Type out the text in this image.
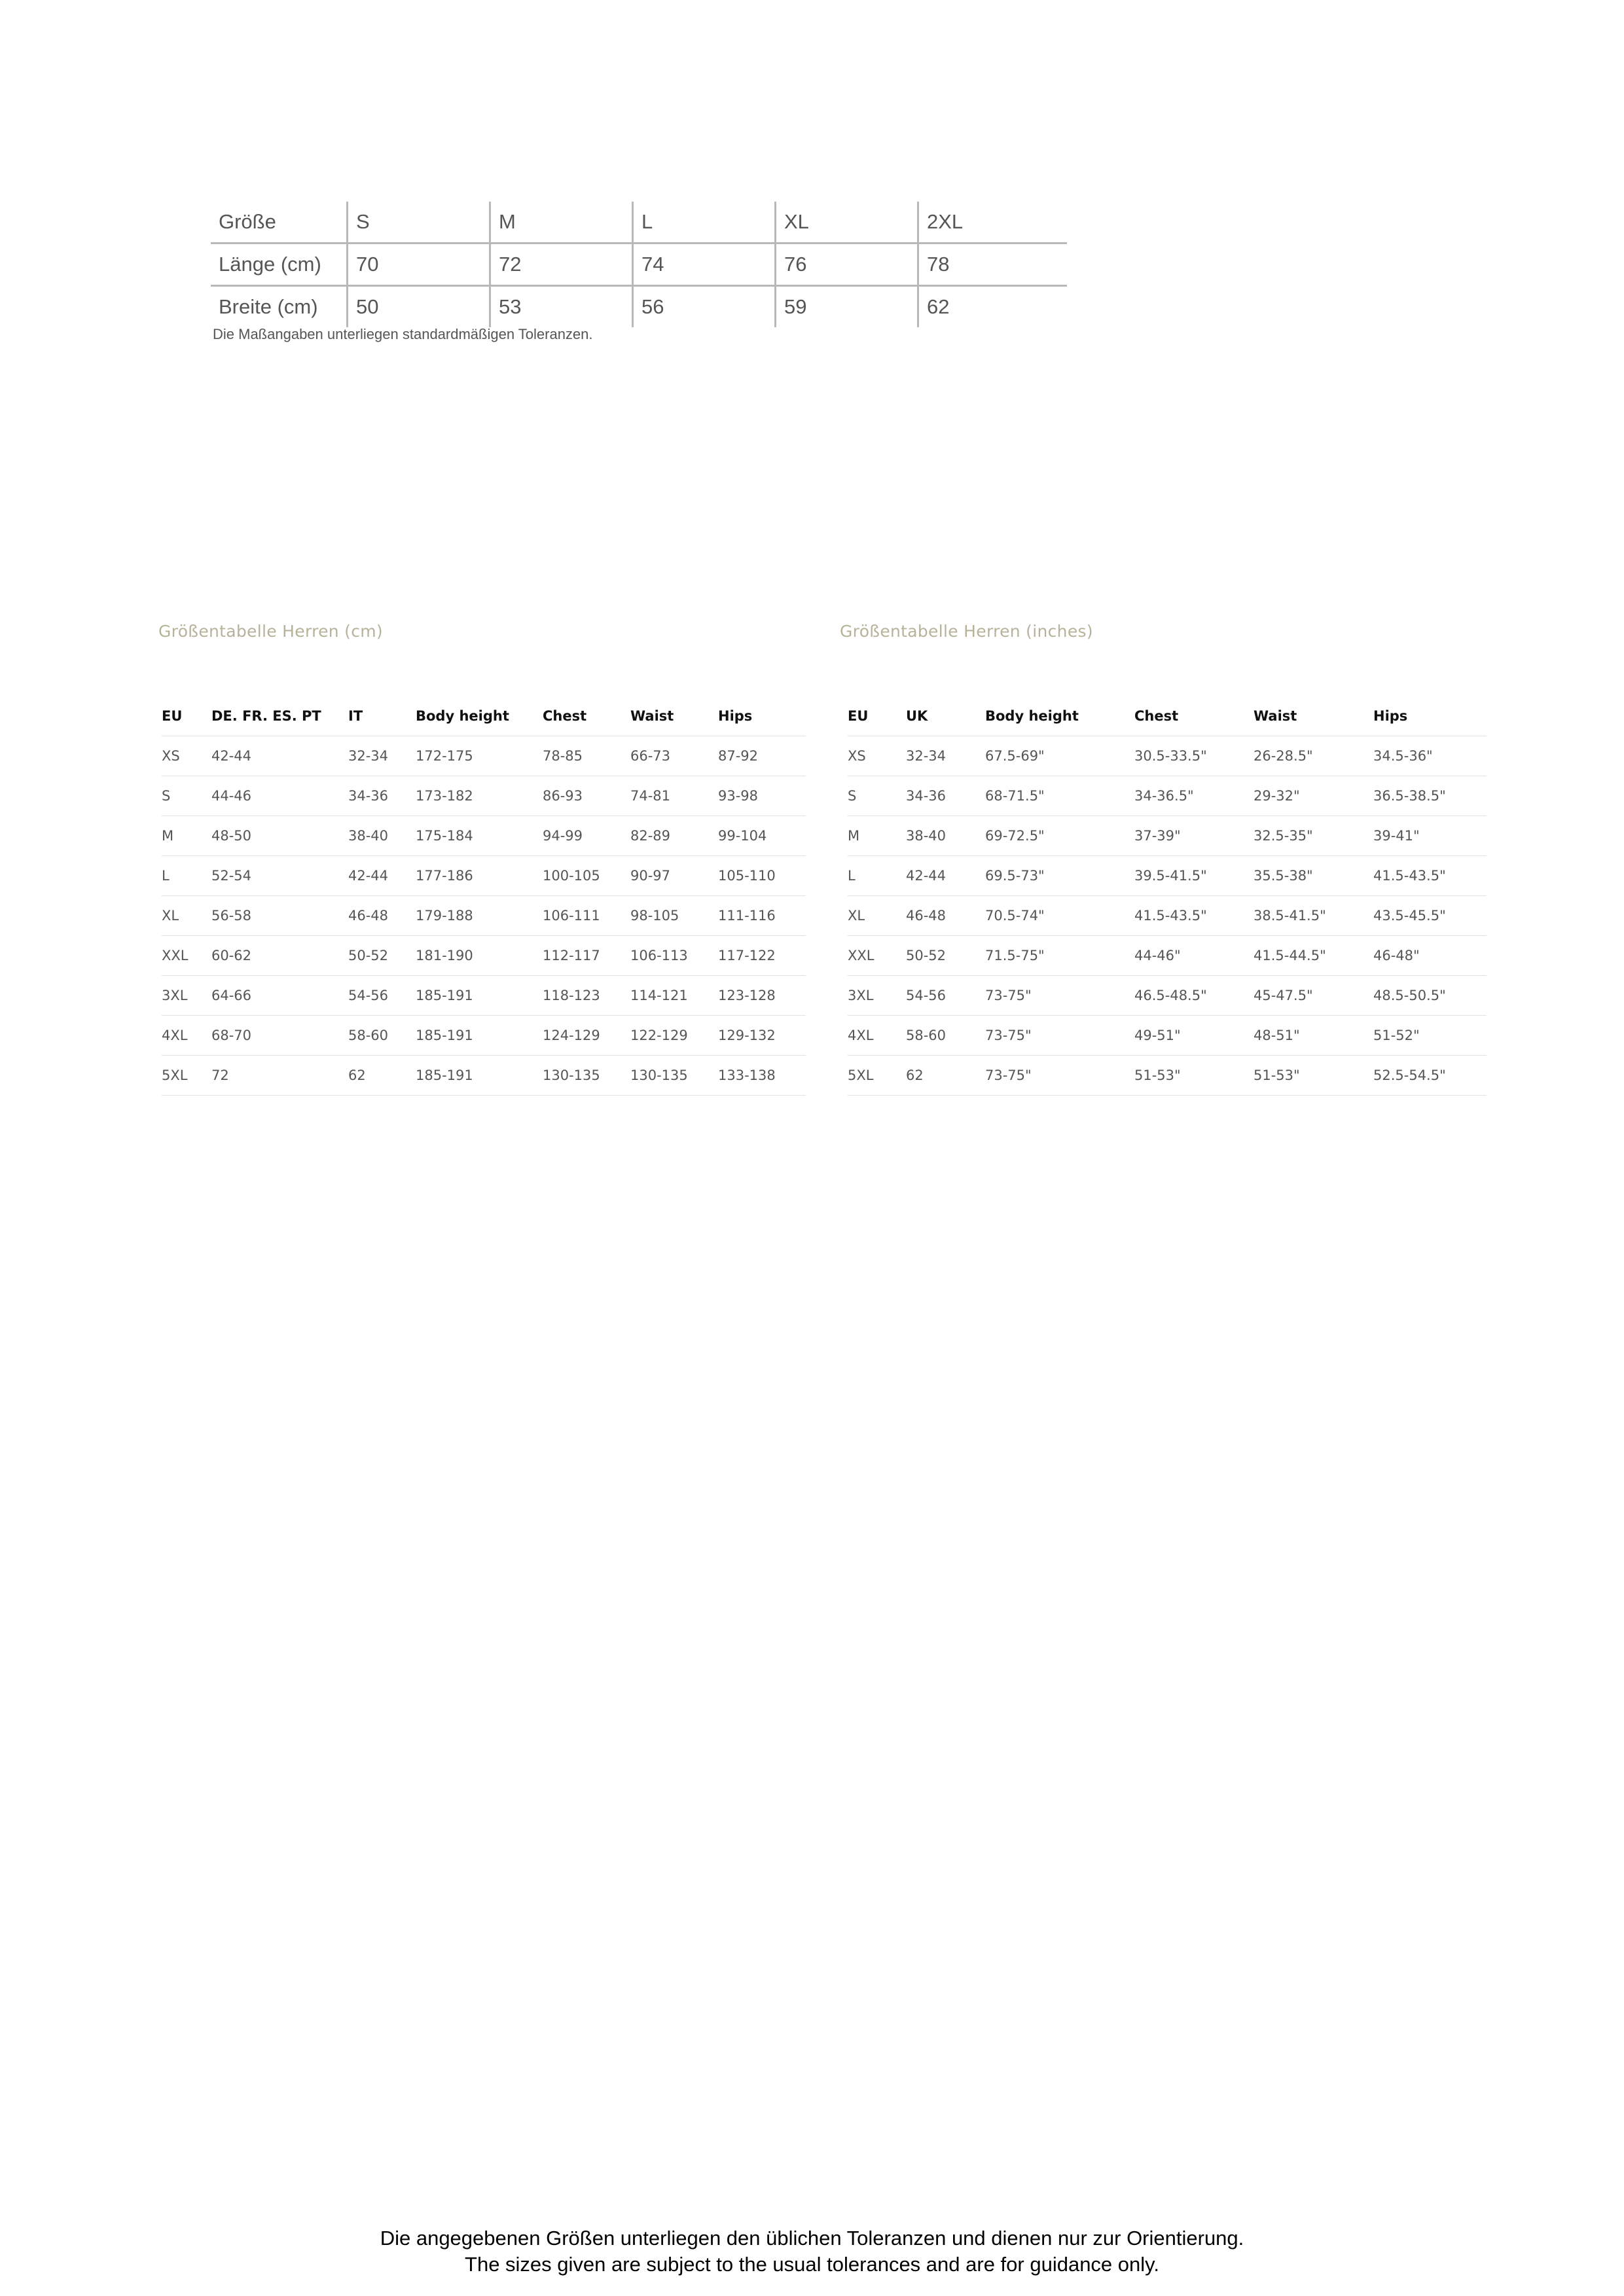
Größe	S	M	L	XL	2XL
Länge (cm)	70	72	74	76	78
Breite (cm)	50	53	56	59	62
Die Maßangaben unterliegen standardmäßigen Toleranzen.
Größentabelle Herren (cm)	Größentabelle Herren (inches)
EU	DE. FR. ES. PT	IT	Body height	Chest	Waist	Hips
XS	42-44	32-34	172-175	78-85	66-73	87-92
S	44-46	34-36	173-182	86-93	74-81	93-98
M	48-50	38-40	175-184	94-99	82-89	99-104
L	52-54	42-44	177-186	100-105	90-97	105-110
XL	56-58	46-48	179-188	106-111	98-105	111-116
XXL	60-62	50-52	181-190	112-117	106-113	117-122
3XL	64-66	54-56	185-191	118-123	114-121	123-128
4XL	68-70	58-60	185-191	124-129	122-129	129-132
5XL	72	62	185-191	130-135	130-135	133-138
EU	UK	Body height	Chest	Waist	Hips
XS	32-34	67.5-69"	30.5-33.5"	26-28.5"	34.5-36"
S	34-36	68-71.5"	34-36.5"	29-32"	36.5-38.5"
M	38-40	69-72.5"	37-39"	32.5-35"	39-41"
L	42-44	69.5-73"	39.5-41.5"	35.5-38"	41.5-43.5"
XL	46-48	70.5-74"	41.5-43.5"	38.5-41.5"	43.5-45.5"
XXL	50-52	71.5-75"	44-46"	41.5-44.5"	46-48"
3XL	54-56	73-75"	46.5-48.5"	45-47.5"	48.5-50.5"
4XL	58-60	73-75"	49-51"	48-51"	51-52"
5XL	62	73-75"	51-53"	51-53"	52.5-54.5"
Die angegebenen Größen unterliegen den üblichen Toleranzen und dienen nur zur Orientierung.
The sizes given are subject to the usual tolerances and are for guidance only.
